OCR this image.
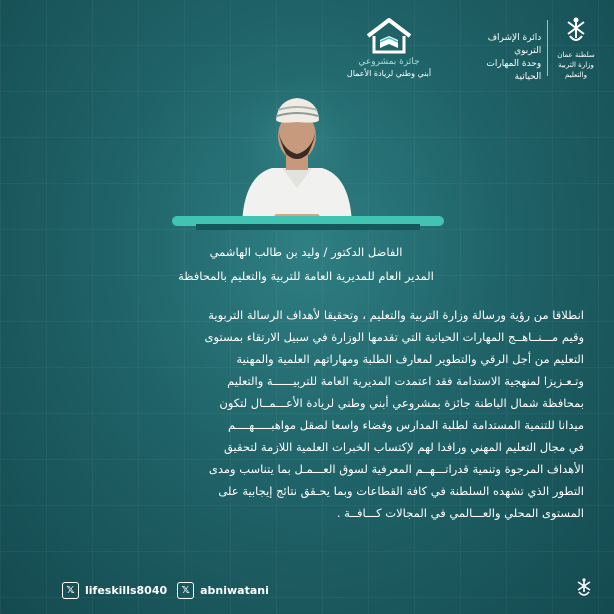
سلطنة عمان وزارة التربية والتعليم
دائرة الإشراف التربوي
وحدة المهارات الحياتية
جائزة بمشروعي
أبني وطني لريادة الأعمال
الفاضل الدكتور / وليد بن طالب الهاشمي
المدير العام للمديرية العامة للتربية والتعليم بالمحافظة
انطلاقا من رؤية ورسالة وزارة التربية والتعليم ، وتحقيقا لأهداف الرسالة التربوية
وقيم مـــنــاهــج المهارات الحياتية التي تقدمها الوزارة في سبيل الارتقاء بمستوى
التعليم من أجل الرقي والتطوير لمعارف الطلبة ومهاراتهم العلمية والمهنية
وتـعـزيزا لمنهجية الاستدامة فقد اعتمدت المديرية العامة للتربيــــــة والتعليم
بمحافظة شمال الباطنة جائزة بمشروعي أبني وطني لريادة الأعـــمــال لتكون
ميدانا للتنمية المستدامة لطلبة المدارس وفضاء واسعا لصقل مواهبـــــهــــم
في مجال التعليم المهني ورافدا لهم لإكتساب الخبرات العلمية اللازمة لتحقيق
الأهداف المرجوة وتنمية قدراتـــهــم المعرفية لسوق العـــمـل بما يتناسب ومدى
التطور الذي تشهده السلطنة في كافة القطاعات وبما يحـقق نتائج إيجابية على
المستوى المحلي والعـــالمي في المجالات كـــافــة .
𝕏 lifeskills8040	𝕏 abniwatani
